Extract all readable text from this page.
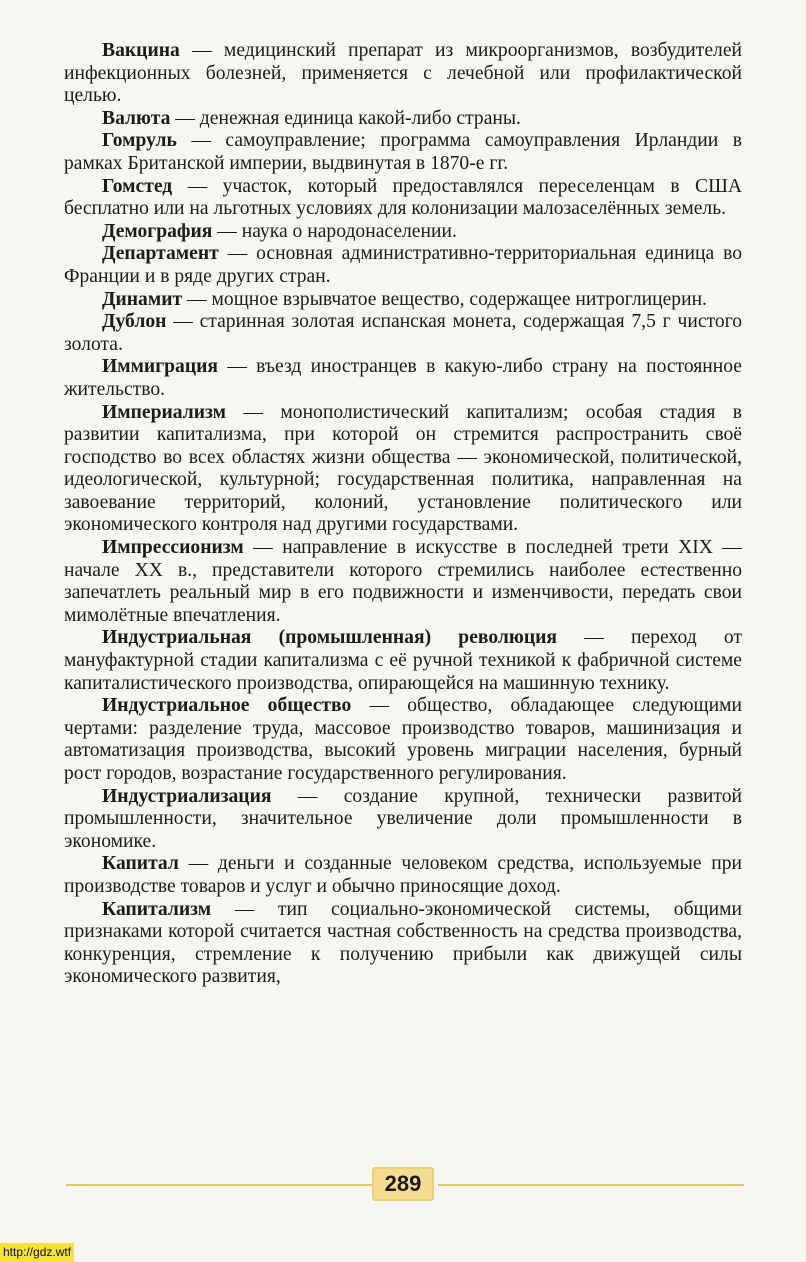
Вакцина — медицинский препарат из микроорганизмов, возбудителей инфекционных болезней, применяется с лечебной или профилактической целью.

Валюта — денежная единица какой-либо страны.

Гомруль — самоуправление; программа самоуправления Ирландии в рамках Британской империи, выдвинутая в 1870-е гг.

Гомстед — участок, который предоставлялся переселенцам в США бесплатно или на льготных условиях для колонизации малозаселённых земель.

Демография — наука о народонаселении.

Департамент — основная административно-территориальная единица во Франции и в ряде других стран.

Динамит — мощное взрывчатое вещество, содержащее нитроглицерин.

Дублон — старинная золотая испанская монета, содержащая 7,5 г чистого золота.

Иммиграция — въезд иностранцев в какую-либо страну на постоянное жительство.

Империализм — монополистический капитализм; особая стадия в развитии капитализма, при которой он стремится распространить своё господство во всех областях жизни общества — экономической, политической, идеологической, культурной; государственная политика, направленная на завоевание территорий, колоний, установление политического или экономического контроля над другими государствами.

Импрессионизм — направление в искусстве в последней трети XIX — начале XX в., представители которого стремились наиболее естественно запечатлеть реальный мир в его подвижности и изменчивости, передать свои мимолётные впечатления.

Индустриальная (промышленная) революция — переход от мануфактурной стадии капитализма с её ручной техникой к фабричной системе капиталистического производства, опирающейся на машинную технику.

Индустриальное общество — общество, обладающее следующими чертами: разделение труда, массовое производство товаров, машинизация и автоматизация производства, высокий уровень миграции населения, бурный рост городов, возрастание государственного регулирования.

Индустриализация — создание крупной, технически развитой промышленности, значительное увеличение доли промышленности в экономике.

Капитал — деньги и созданные человеком средства, используемые при производстве товаров и услуг и обычно приносящие доход.

Капитализм — тип социально-экономической системы, общими признаками которой считается частная собственность на средства производства, конкуренция, стремление к получению прибыли как движущей силы экономического развития,

289
http://gdz.wtf
